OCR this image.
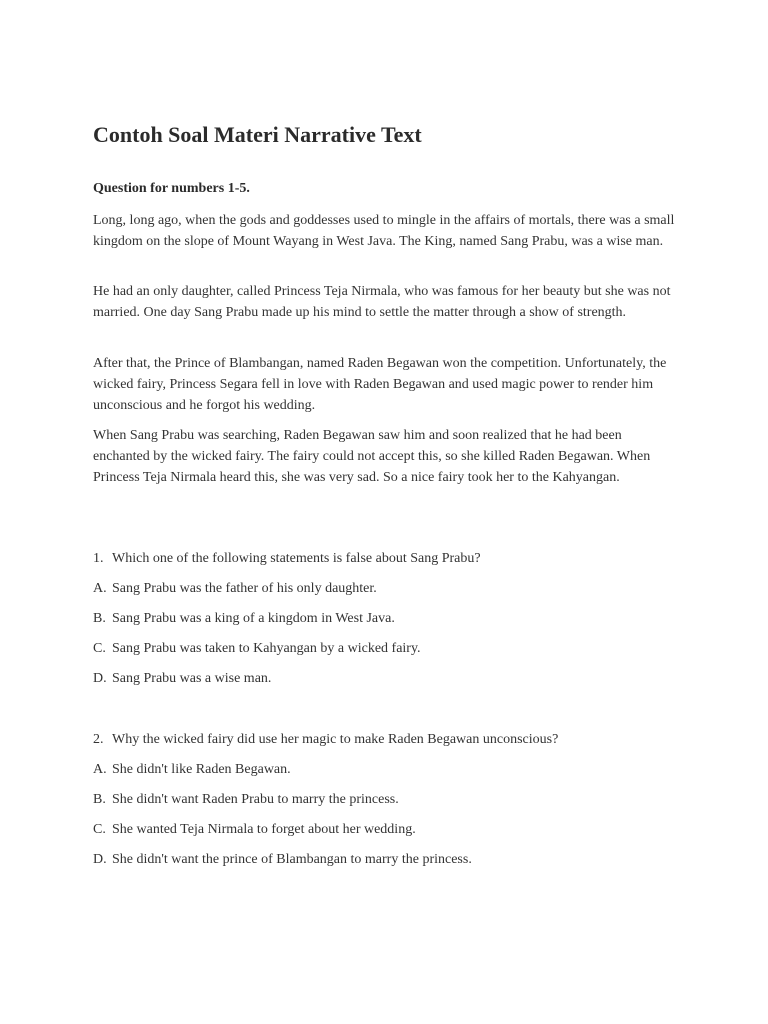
Contoh Soal Materi Narrative Text

Question for numbers 1-5.

Long, long ago, when the gods and goddesses used to mingle in the affairs of mortals, there was a small kingdom on the slope of Mount Wayang in West Java. The King, named Sang Prabu, was a wise man.

He had an only daughter, called Princess Teja Nirmala, who was famous for her beauty but she was not married. One day Sang Prabu made up his mind to settle the matter through a show of strength.

After that, the Prince of Blambangan, named Raden Begawan won the competition. Unfortunately, the wicked fairy, Princess Segara fell in love with Raden Begawan and used magic power to render him unconscious and he forgot his wedding.

When Sang Prabu was searching, Raden Begawan saw him and soon realized that he had been enchanted by the wicked fairy. The fairy could not accept this, so she killed Raden Begawan. When Princess Teja Nirmala heard this, she was very sad. So a nice fairy took her to the Kahyangan.

1. Which one of the following statements is false about Sang Prabu?

A. Sang Prabu was the father of his only daughter.

B. Sang Prabu was a king of a kingdom in West Java.

C. Sang Prabu was taken to Kahyangan by a wicked fairy.

D. Sang Prabu was a wise man.

2. Why the wicked fairy did use her magic to make Raden Begawan unconscious?

A. She didn't like Raden Begawan.

B. She didn't want Raden Prabu to marry the princess.

C. She wanted Teja Nirmala to forget about her wedding.

D. She didn't want the prince of Blambangan to marry the princess.
